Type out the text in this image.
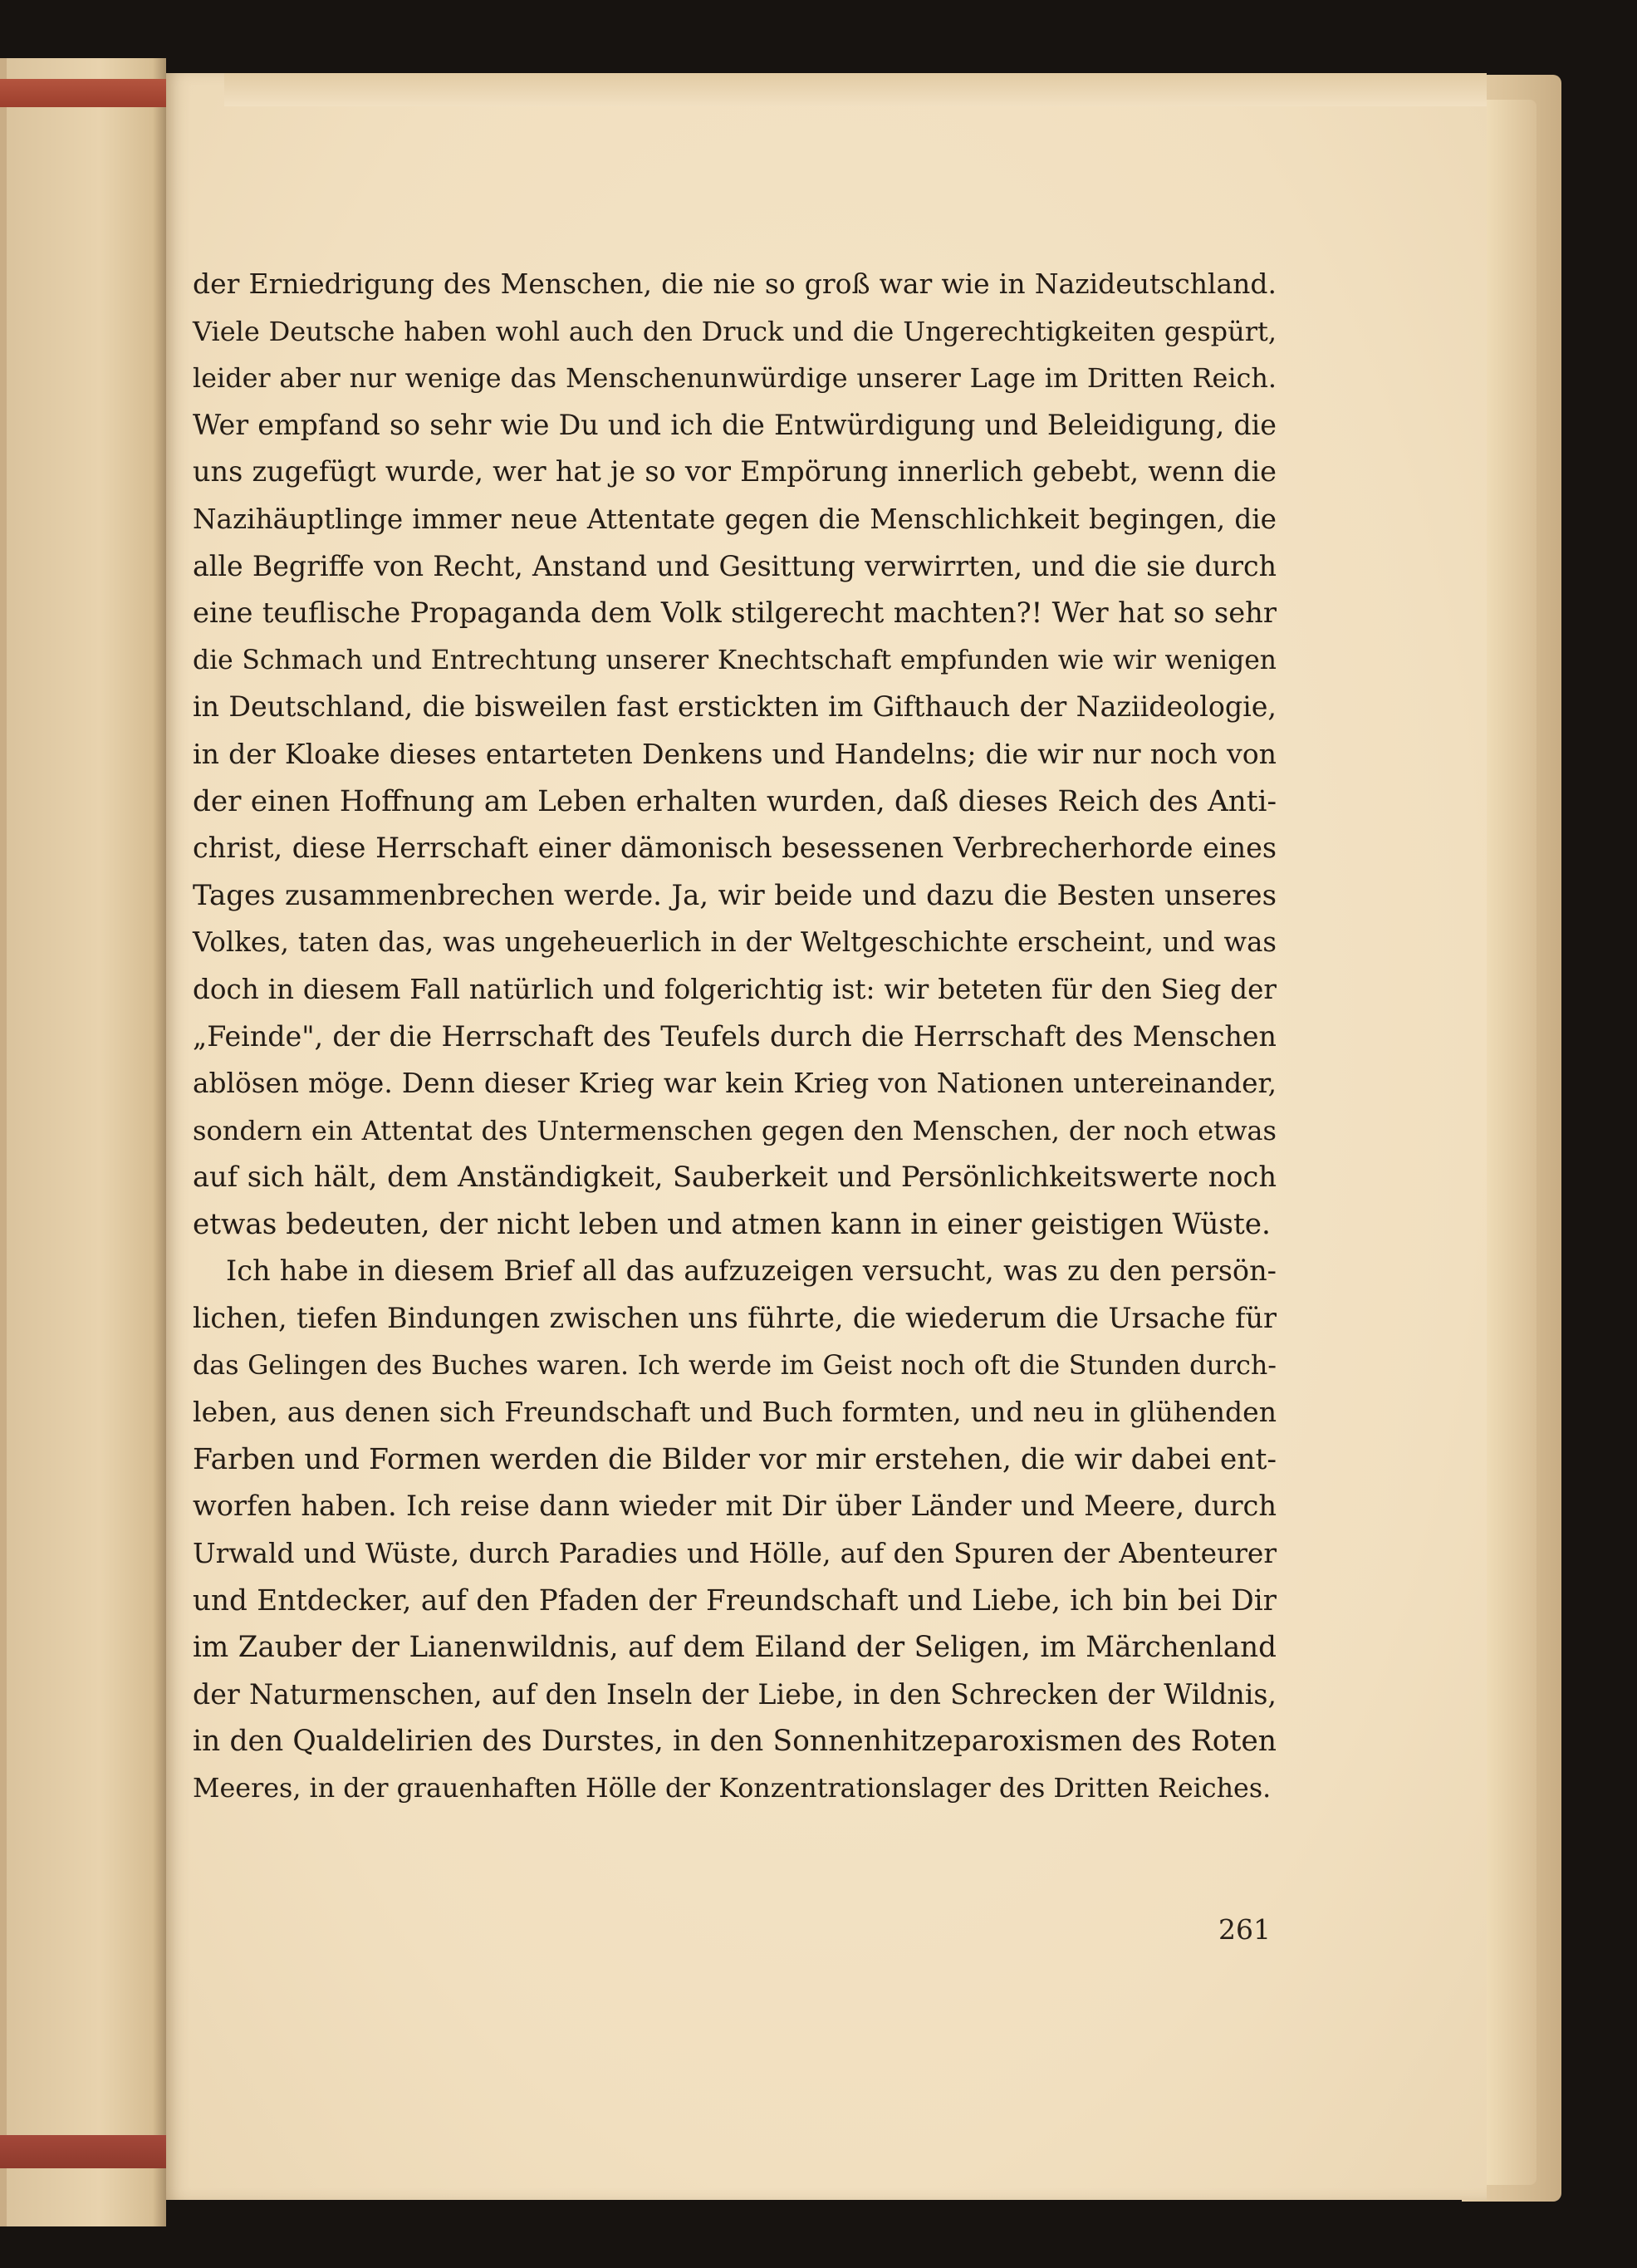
der Erniedrigung des Menschen, die nie so groß war wie in Nazideutschland.
Viele Deutsche haben wohl auch den Druck und die Ungerechtigkeiten gespürt,
leider aber nur wenige das Menschenunwürdige unserer Lage im Dritten Reich.
Wer empfand so sehr wie Du und ich die Entwürdigung und Beleidigung, die
uns zugefügt wurde, wer hat je so vor Empörung innerlich gebebt, wenn die
Nazihäuptlinge immer neue Attentate gegen die Menschlichkeit begingen, die
alle Begriffe von Recht, Anstand und Gesittung verwirrten, und die sie durch
eine teuflische Propaganda dem Volk stilgerecht machten?! Wer hat so sehr
die Schmach und Entrechtung unserer Knechtschaft empfunden wie wir wenigen
in Deutschland, die bisweilen fast erstickten im Gifthauch der Naziideologie,
in der Kloake dieses entarteten Denkens und Handelns; die wir nur noch von
der einen Hoffnung am Leben erhalten wurden, daß dieses Reich des Anti-
christ, diese Herrschaft einer dämonisch besessenen Verbrecherhorde eines
Tages zusammenbrechen werde. Ja, wir beide und dazu die Besten unseres
Volkes, taten das, was ungeheuerlich in der Weltgeschichte erscheint, und was
doch in diesem Fall natürlich und folgerichtig ist: wir beteten für den Sieg der
„Feinde", der die Herrschaft des Teufels durch die Herrschaft des Menschen
ablösen möge. Denn dieser Krieg war kein Krieg von Nationen untereinander,
sondern ein Attentat des Untermenschen gegen den Menschen, der noch etwas
auf sich hält, dem Anständigkeit, Sauberkeit und Persönlichkeitswerte noch
etwas bedeuten, der nicht leben und atmen kann in einer geistigen Wüste.
Ich habe in diesem Brief all das aufzuzeigen versucht, was zu den persön-
lichen, tiefen Bindungen zwischen uns führte, die wiederum die Ursache für
das Gelingen des Buches waren. Ich werde im Geist noch oft die Stunden durch-
leben, aus denen sich Freundschaft und Buch formten, und neu in glühenden
Farben und Formen werden die Bilder vor mir erstehen, die wir dabei ent-
worfen haben. Ich reise dann wieder mit Dir über Länder und Meere, durch
Urwald und Wüste, durch Paradies und Hölle, auf den Spuren der Abenteurer
und Entdecker, auf den Pfaden der Freundschaft und Liebe, ich bin bei Dir
im Zauber der Lianenwildnis, auf dem Eiland der Seligen, im Märchenland
der Naturmenschen, auf den Inseln der Liebe, in den Schrecken der Wildnis,
in den Qualdelirien des Durstes, in den Sonnenhitzeparoxismen des Roten
Meeres, in der grauenhaften Hölle der Konzentrationslager des Dritten Reiches.
261
